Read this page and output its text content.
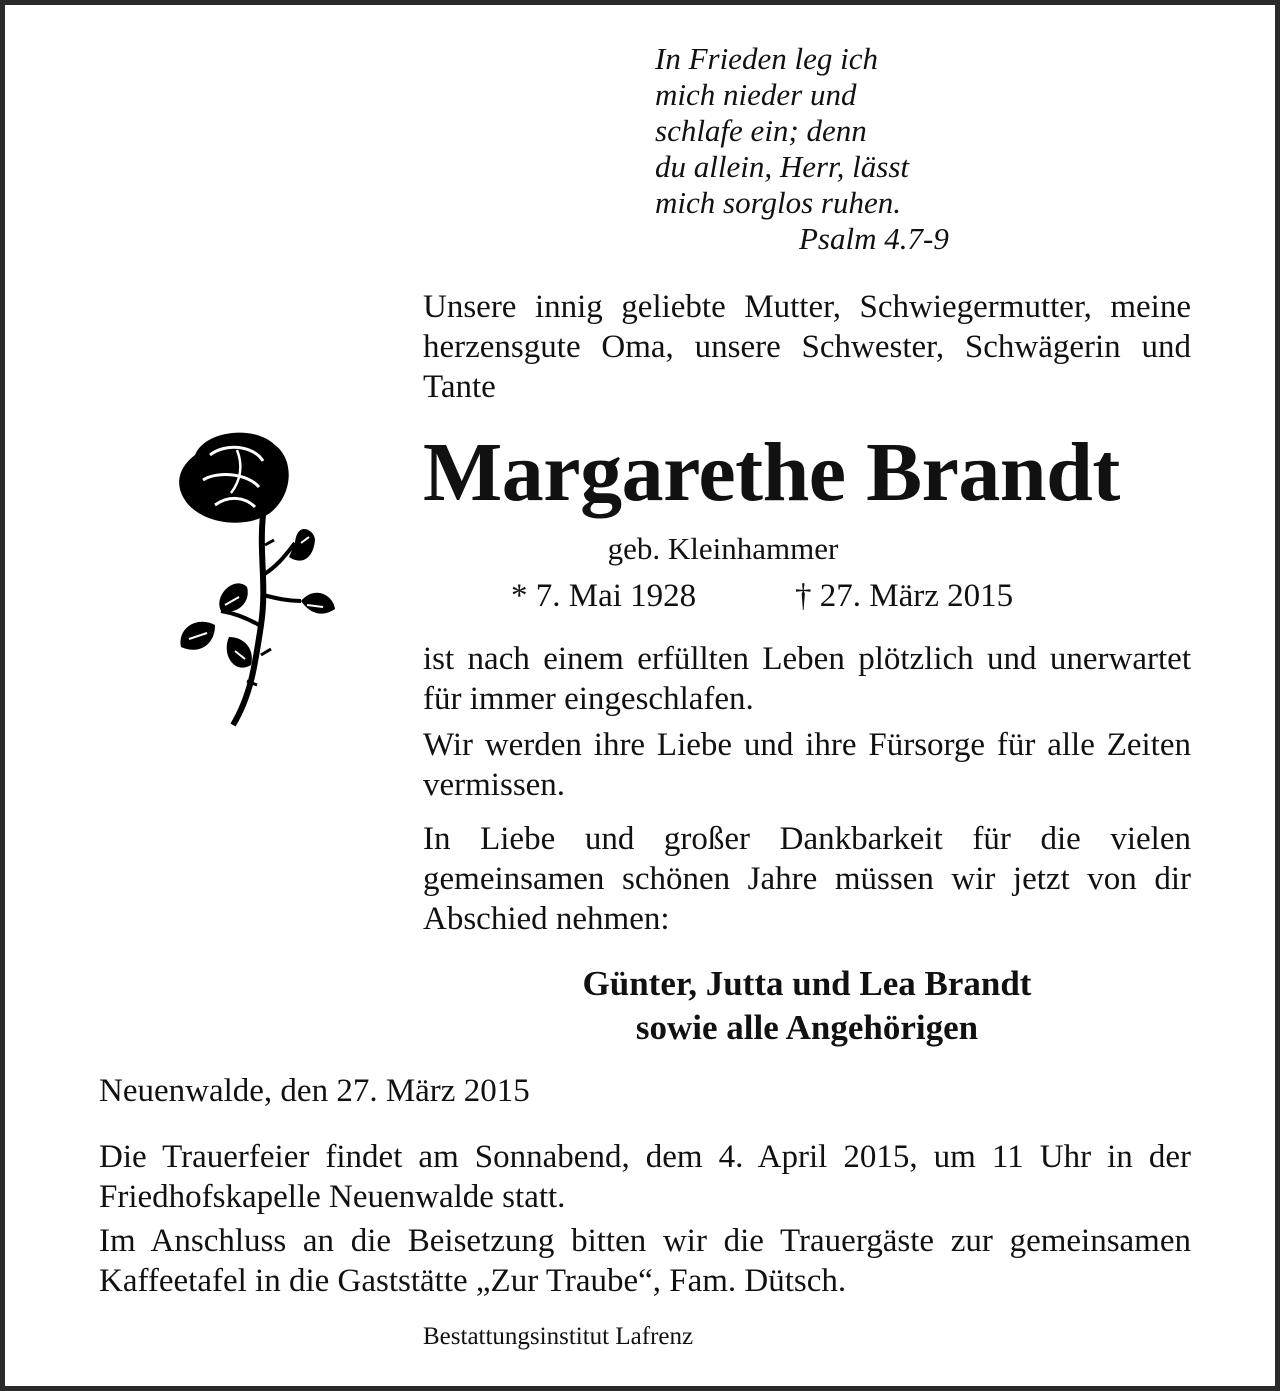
In Frieden leg ich
mich nieder und
schlafe ein; denn
du allein, Herr, lässt
mich sorglos ruhen.
Psalm 4.7-9
Unsere innig geliebte Mutter, Schwiegermutter, meine herzensgute Oma, unsere Schwester, Schwägerin und Tante
Margarethe Brandt
geb. Kleinhammer
* 7. Mai 1928	† 27. März 2015
ist nach einem erfüllten Leben plötzlich und unerwartet für immer eingeschlafen.
Wir werden ihre Liebe und ihre Fürsorge für alle Zeiten vermissen.
In Liebe und großer Dankbarkeit für die vielen gemeinsamen schönen Jahre müssen wir jetzt von dir Abschied nehmen:
Günter, Jutta und Lea Brandt
sowie alle Angehörigen
Neuenwalde, den 27. März 2015
Die Trauerfeier findet am Sonnabend, dem 4. April 2015, um 11 Uhr in der Friedhofskapelle Neuenwalde statt.
Im Anschluss an die Beisetzung bitten wir die Trauergäste zur gemeinsamen Kaffeetafel in die Gaststätte „Zur Traube“, Fam. Dütsch.
Bestattungsinstitut Lafrenz
